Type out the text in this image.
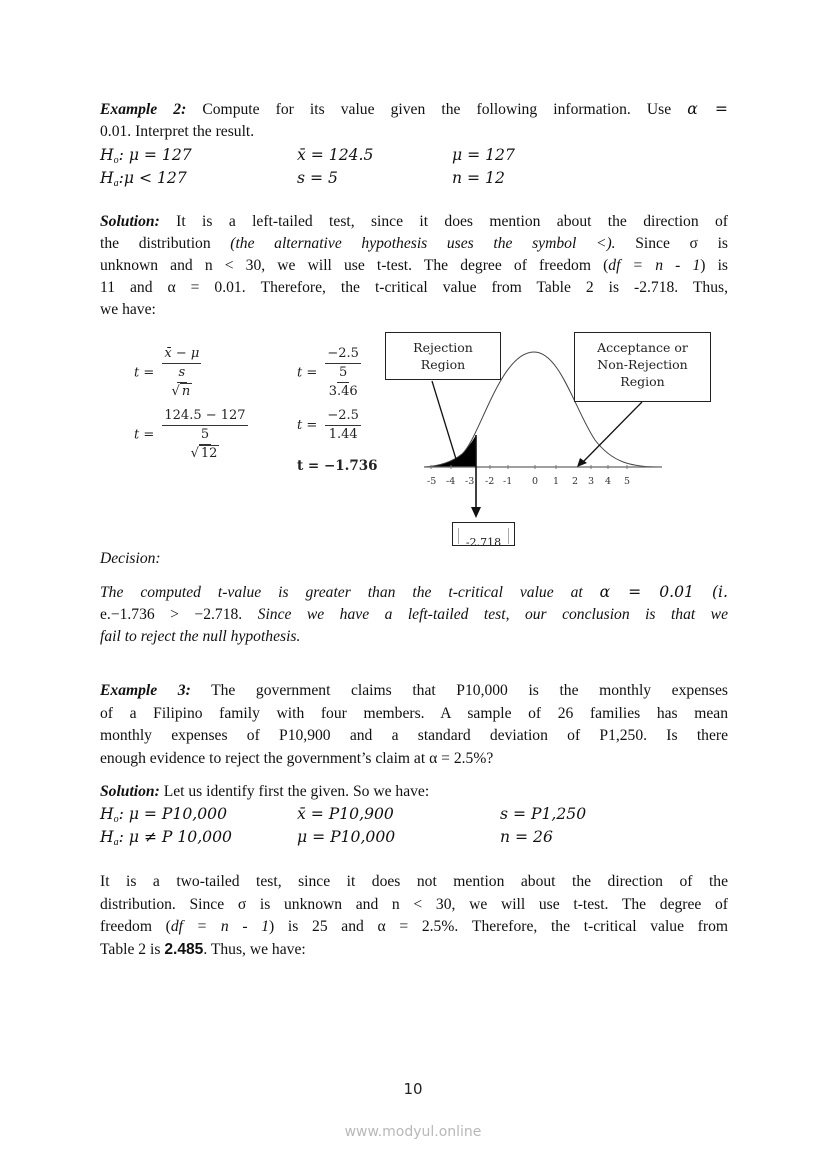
Example 2: Compute for its value given the following information. Use α =
0.01. Interpret the result.
$H_o$: μ = 127	x̄ = 124.5	μ = 127
$H_a:\mu < 127$	s = 5	n = 12
Solution: It is a left-tailed test, since it does mention about the direction of
the distribution (the alternative hypothesis uses the symbol <). Since σ is
unknown and n < 30, we will use t-test. The degree of freedom (df = n - 1) is
11 and α = 0.01. Therefore, the t-critical value from Table 2 is -2.718. Thus,
we have:
$t = \frac{x̄ - \mu}{\frac{s}{√ n}}$
$t = \frac{124.5 - 127}{\frac{5}{√ 12}}$
$t = \frac{-2.5}{\frac{5}{3.46}}$
$t = \frac{-2.5}{1.44}$
t = −1.736
Rejection
Region
Acceptance or
Non-Rejection
Region
-2.718
-5 -4 -3 -2 -1 0 1 2 3 4 5
Decision:
The computed t-value is greater than the t-critical value at α = 0.01 (i.
e.−1.736 > −2.718. Since we have a left-tailed test, our conclusion is that we
fail to reject the null hypothesis.
Example 3: The government claims that P10,000 is the monthly expenses
of a Filipino family with four members. A sample of 26 families has mean
monthly expenses of P10,900 and a standard deviation of P1,250. Is there
enough evidence to reject the government’s claim at α = 2.5%?
Solution: Let us identify first the given. So we have:
$H_o$: μ = P10,000	x̄ = P10,900	s = P1,250
$H_a$: μ ≠ P 10,000	μ = P10,000	n = 26
It is a two-tailed test, since it does not mention about the direction of the
distribution. Since σ is unknown and n < 30, we will use t-test. The degree of
freedom (df = n - 1) is 25 and α = 2.5%. Therefore, the t-critical value from
Table 2 is 2.485. Thus, we have:
10
www.modyul.online
